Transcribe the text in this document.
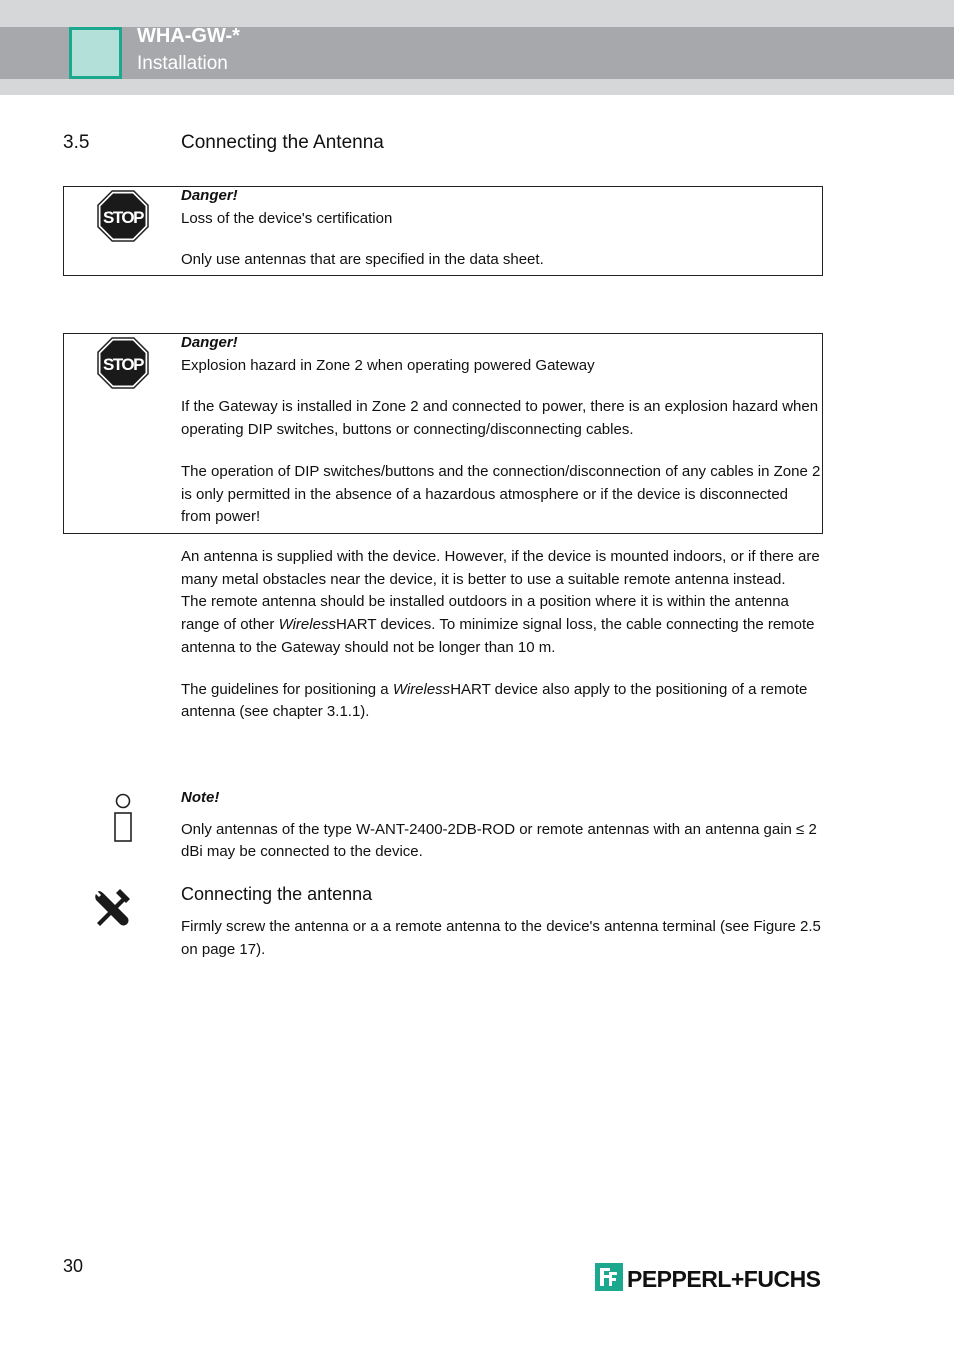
WHA-GW-*
Installation
3.5	Connecting the Antenna
STOP

Danger!

Loss of the device's certification

Only use antennas that are specified in the data sheet.

STOP

Danger!

Explosion hazard in Zone 2 when operating powered Gateway

If the Gateway is installed in Zone 2 and connected to power, there is an explosion hazard when operating DIP switches, buttons or connecting/disconnecting cables.

The operation of DIP switches/buttons and the connection/disconnection of any cables in Zone 2 is only permitted in the absence of a hazardous atmosphere or if the device is disconnected from power!

An antenna is supplied with the device. However, if the device is mounted indoors, or if there are many metal obstacles near the device, it is better to use a suitable remote antenna instead.

The remote antenna should be installed outdoors in a position where it is within the antenna range of other WirelessHART devices. To minimize signal loss, the cable connecting the remote antenna to the Gateway should not be longer than 10 m.

The guidelines for positioning a WirelessHART device also apply to the positioning of a remote antenna (see chapter 3.1.1).

Note!

Only antennas of the type W-ANT-2400-2DB-ROD or remote antennas with an antenna gain ≤ 2 dBi may be connected to the device.

Connecting the antenna

Firmly screw the antenna or a a remote antenna to the device's antenna terminal (see Figure 2.5 on page 17).

30	PEPPERL+FUCHS
